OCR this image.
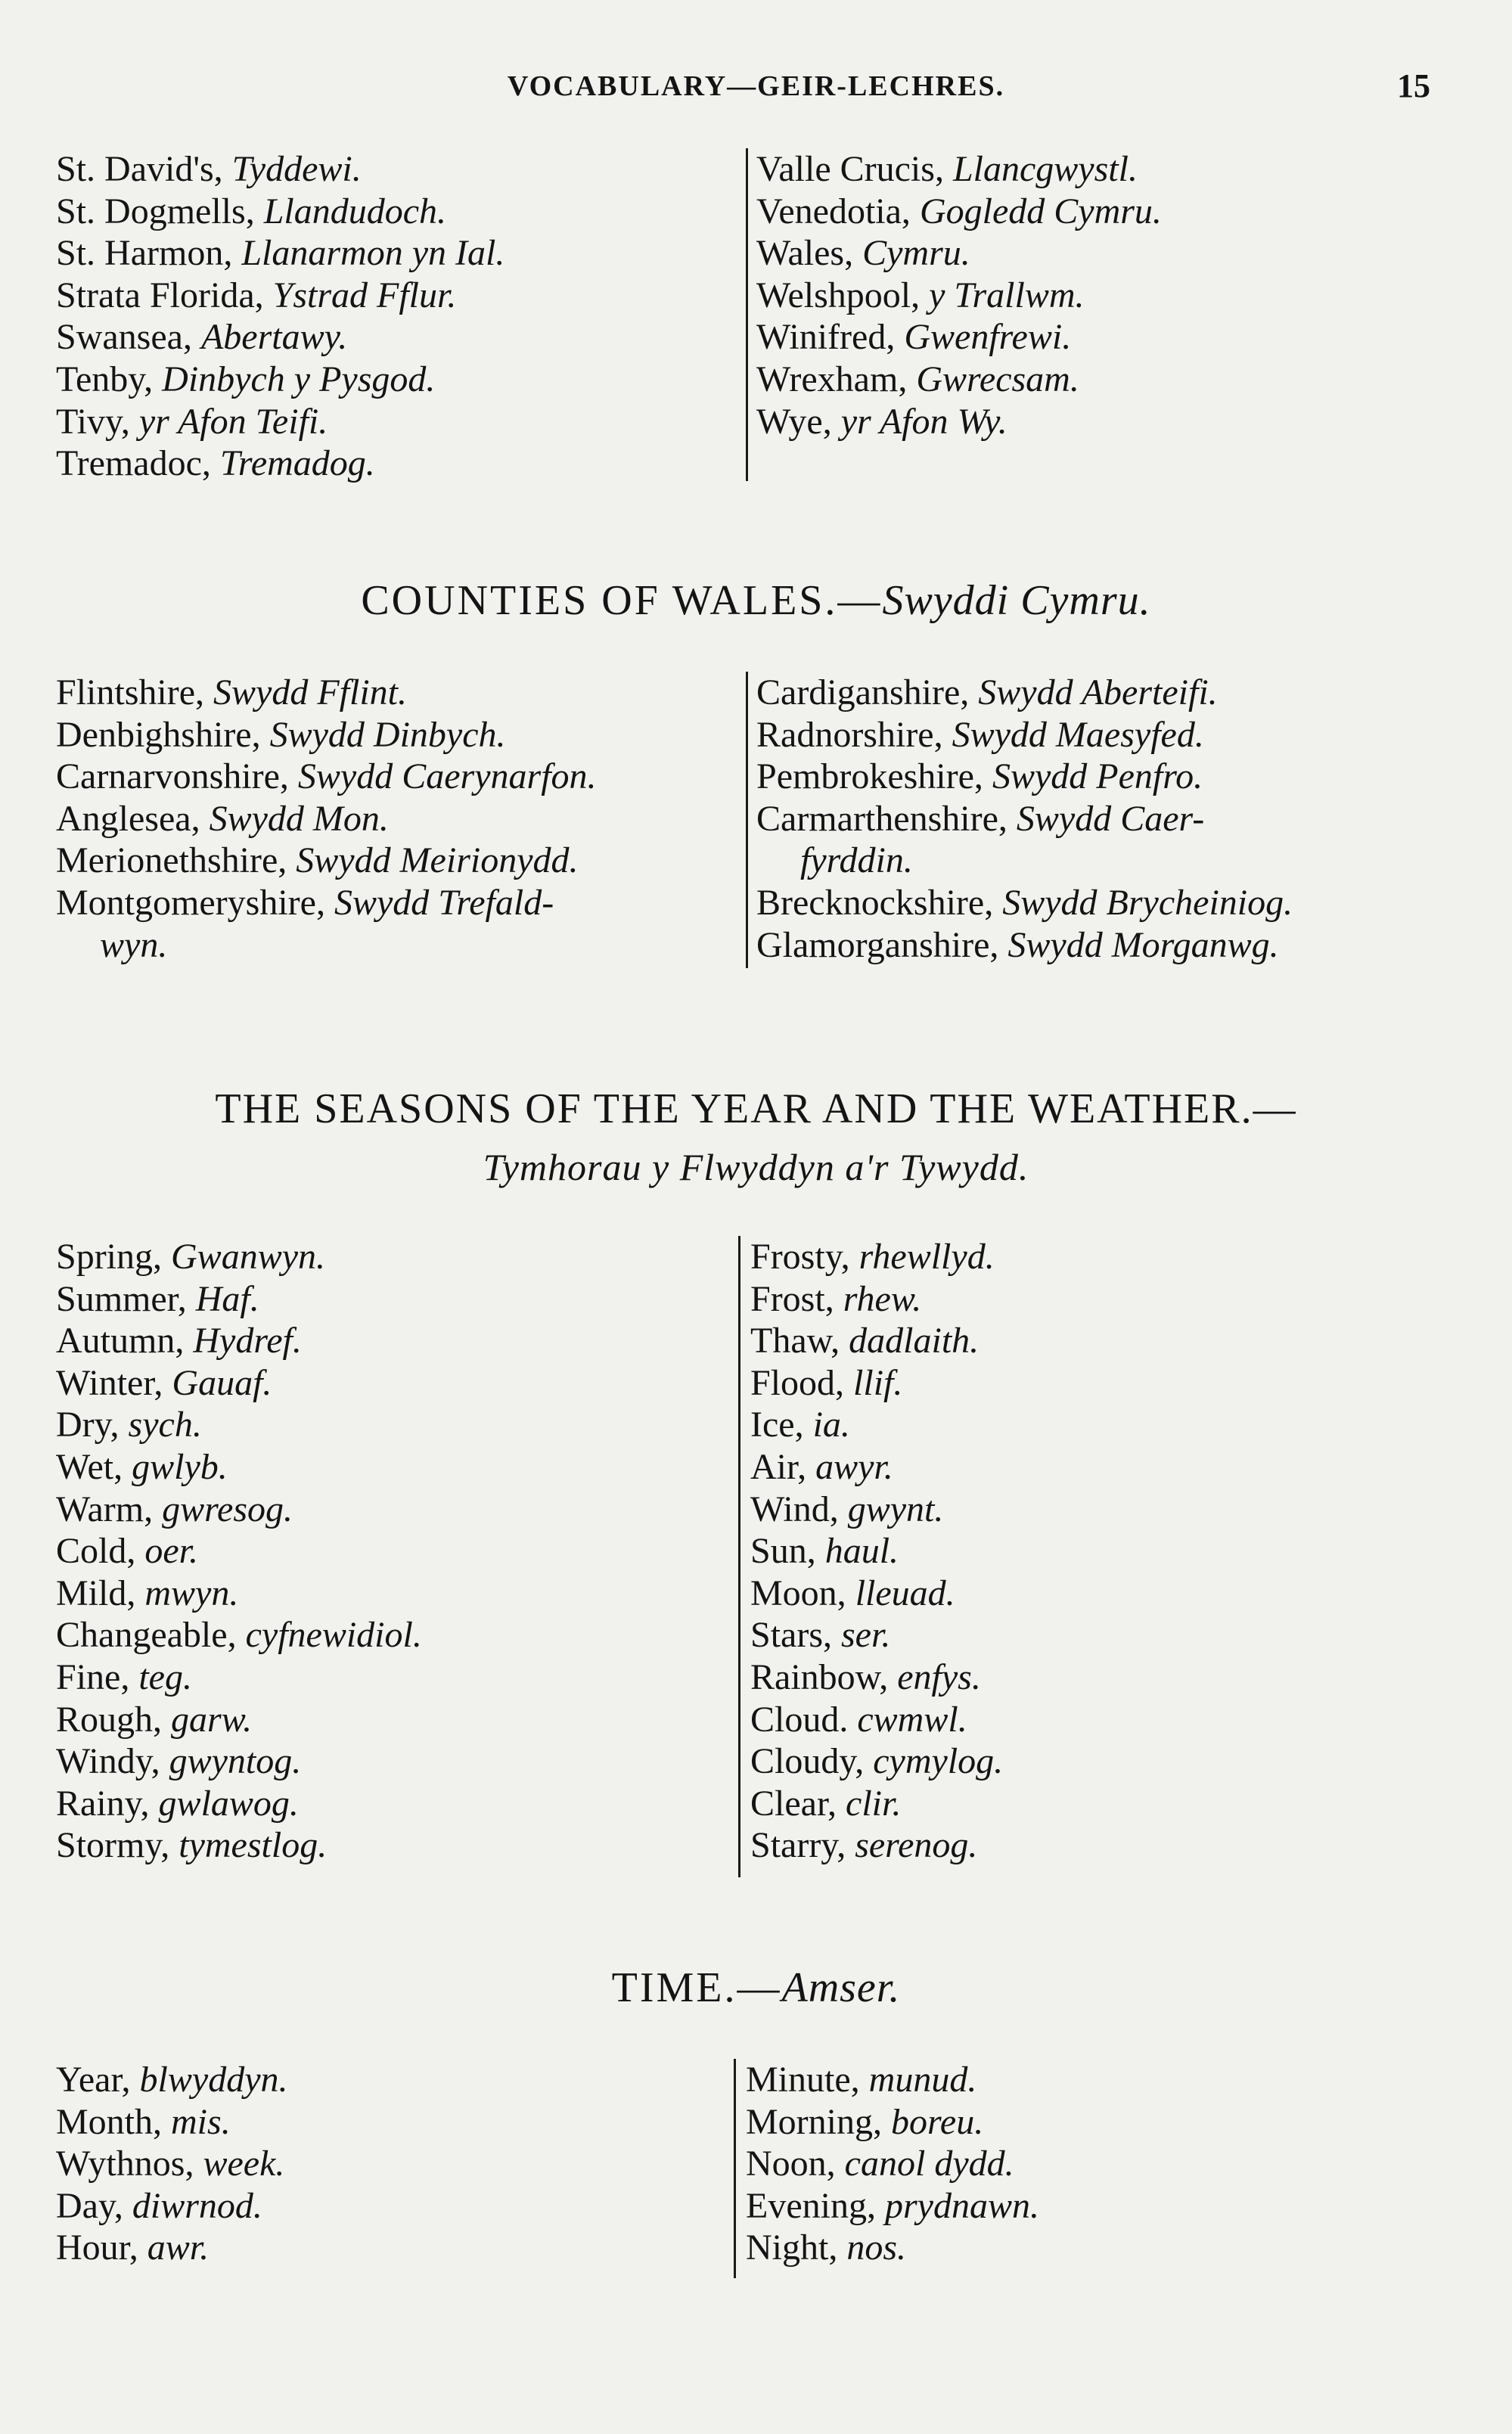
VOCABULARY—GEIR-LECHRES.	15
St. David's, Tyddewi.
St. Dogmells, Llandudoch.
St. Harmon, Llanarmon yn Ial.
Strata Florida, Ystrad Fflur.
Swansea, Abertawy.
Tenby, Dinbych y Pysgod.
Tivy, yr Afon Teifi.
Tremadoc, Tremadog.
Valle Crucis, Llancgwystl.
Venedotia, Gogledd Cymru.
Wales, Cymru.
Welshpool, y Trallwm.
Winifred, Gwenfrewi.
Wrexham, Gwrecsam.
Wye, yr Afon Wy.
COUNTIES OF WALES.—Swyddi Cymru.
Flintshire, Swydd Fflint.
Denbighshire, Swydd Dinbych.
Carnarvonshire, Swydd Caerynarfon.
Anglesea, Swydd Mon.
Merionethshire, Swydd Meirionydd.
Montgomeryshire, Swydd Trefald-
wyn.
Cardiganshire, Swydd Aberteifi.
Radnorshire, Swydd Maesyfed.
Pembrokeshire, Swydd Penfro.
Carmarthenshire, Swydd Caer-
fyrddin.
Brecknockshire, Swydd Brycheiniog.
Glamorganshire, Swydd Morganwg.
THE SEASONS OF THE YEAR AND THE WEATHER.—
Tymhorau y Flwyddyn a'r Tywydd.
Spring, Gwanwyn.
Summer, Haf.
Autumn, Hydref.
Winter, Gauaf.
Dry, sych.
Wet, gwlyb.
Warm, gwresog.
Cold, oer.
Mild, mwyn.
Changeable, cyfnewidiol.
Fine, teg.
Rough, garw.
Windy, gwyntog.
Rainy, gwlawog.
Stormy, tymestlog.
Frosty, rhewllyd.
Frost, rhew.
Thaw, dadlaith.
Flood, llif.
Ice, ia.
Air, awyr.
Wind, gwynt.
Sun, haul.
Moon, lleuad.
Stars, ser.
Rainbow, enfys.
Cloud. cwmwl.
Cloudy, cymylog.
Clear, clir.
Starry, serenog.
TIME.—Amser.
Year, blwyddyn.
Month, mis.
Wythnos, week.
Day, diwrnod.
Hour, awr.
Minute, munud.
Morning, boreu.
Noon, canol dydd.
Evening, prydnawn.
Night, nos.
